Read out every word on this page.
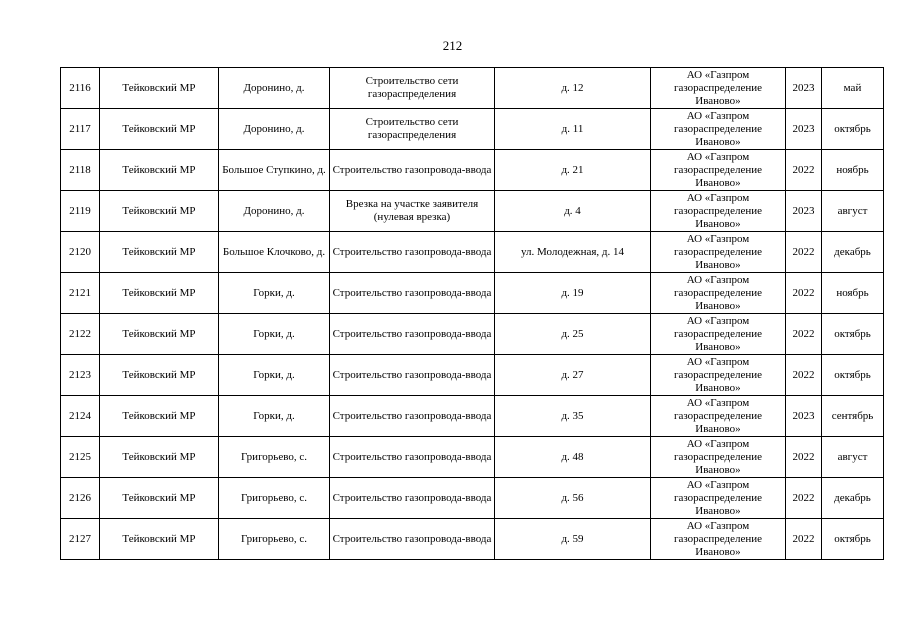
212
2116	Тейковский МР	Доронино, д.	Строительство сети газораспределения	д. 12	АО «Газпром газораспределение Иваново»	2023	май
2117	Тейковский МР	Доронино, д.	Строительство сети газораспределения	д. 11	АО «Газпром газораспределение Иваново»	2023	октябрь
2118	Тейковский МР	Большое Ступкино, д.	Строительство газопровода-ввода	д. 21	АО «Газпром газораспределение Иваново»	2022	ноябрь
2119	Тейковский МР	Доронино, д.	Врезка на участке заявителя (нулевая врезка)	д. 4	АО «Газпром газораспределение Иваново»	2023	август
2120	Тейковский МР	Большое Клочково, д.	Строительство газопровода-ввода	ул. Молодежная, д. 14	АО «Газпром газораспределение Иваново»	2022	декабрь
2121	Тейковский МР	Горки, д.	Строительство газопровода-ввода	д. 19	АО «Газпром газораспределение Иваново»	2022	ноябрь
2122	Тейковский МР	Горки, д.	Строительство газопровода-ввода	д. 25	АО «Газпром газораспределение Иваново»	2022	октябрь
2123	Тейковский МР	Горки, д.	Строительство газопровода-ввода	д. 27	АО «Газпром газораспределение Иваново»	2022	октябрь
2124	Тейковский МР	Горки, д.	Строительство газопровода-ввода	д. 35	АО «Газпром газораспределение Иваново»	2023	сентябрь
2125	Тейковский МР	Григорьево, с.	Строительство газопровода-ввода	д. 48	АО «Газпром газораспределение Иваново»	2022	август
2126	Тейковский МР	Григорьево, с.	Строительство газопровода-ввода	д. 56	АО «Газпром газораспределение Иваново»	2022	декабрь
2127	Тейковский МР	Григорьево, с.	Строительство газопровода-ввода	д. 59	АО «Газпром газораспределение Иваново»	2022	октябрь
